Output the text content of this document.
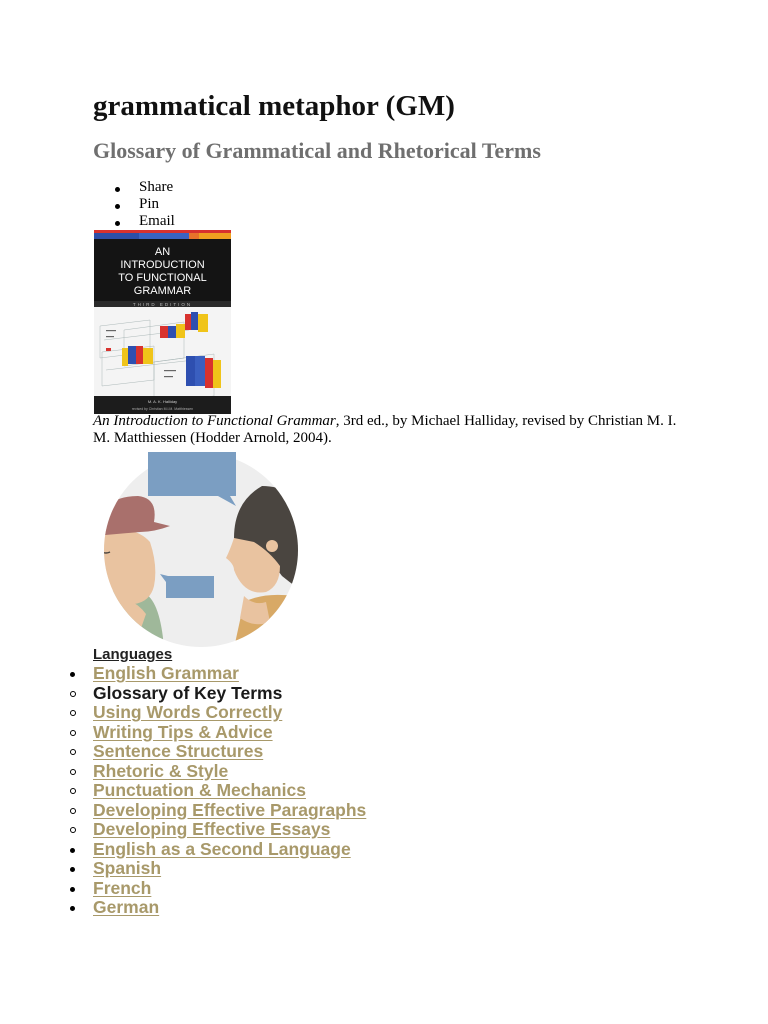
grammatical metaphor (GM)
Glossary of Grammatical and Rhetorical Terms
Share
Pin
Email
AN
INTRODUCTION
TO FUNCTIONAL
GRAMMAR
THIRD EDITION
M. A. K. Halliday
revised by Christian M.I.M. Matthiessen

An Introduction to Functional Grammar, 3rd ed., by Michael Halliday, revised by Christian M. I. M. Matthiessen (Hodder Arnold, 2004).

Languages
English Grammar
Glossary of Key Terms
Using Words Correctly
Writing Tips & Advice
Sentence Structures
Rhetoric & Style
Punctuation & Mechanics
Developing Effective Paragraphs
Developing Effective Essays
English as a Second Language
Spanish
French
German
